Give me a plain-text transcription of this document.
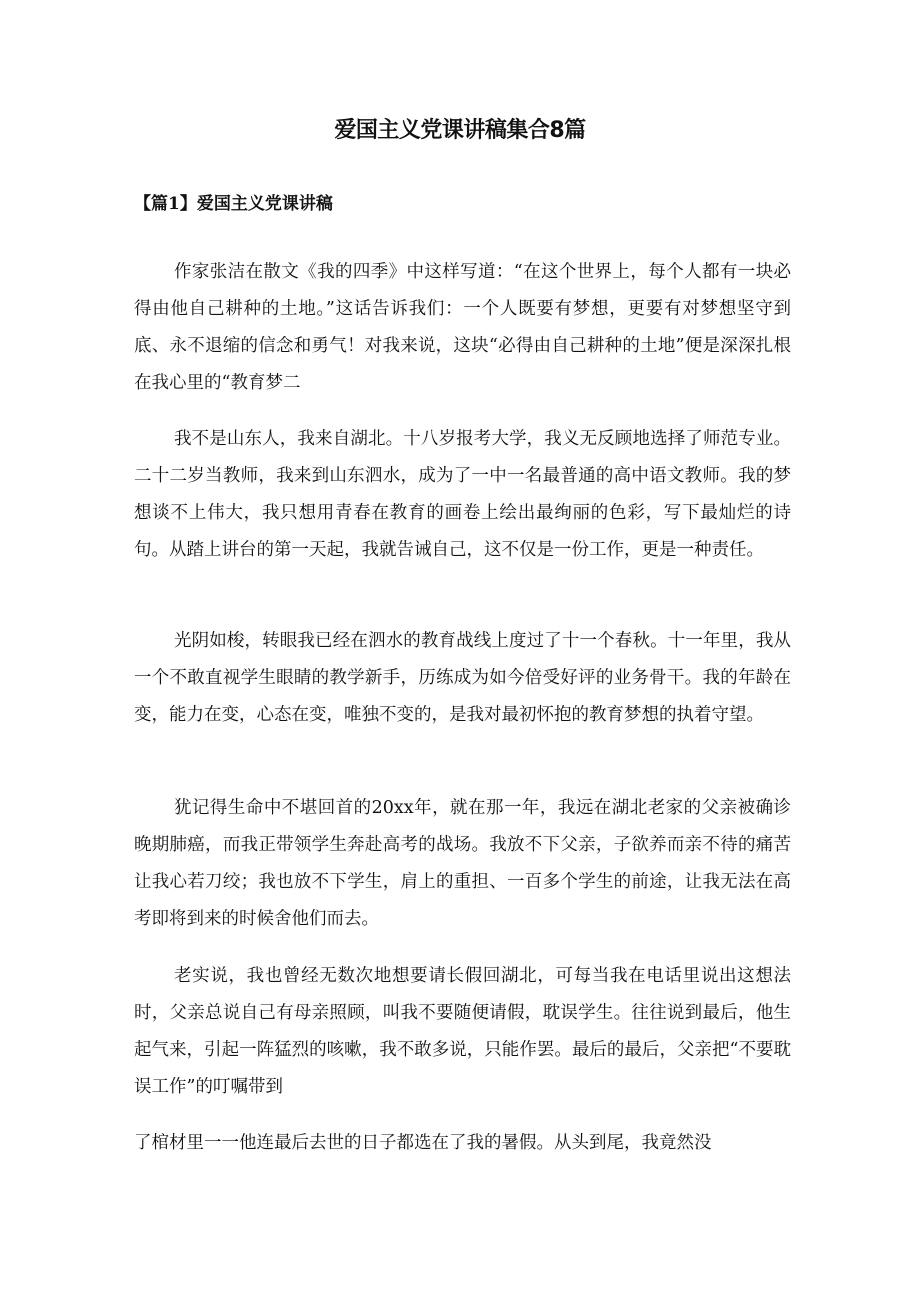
爱国主义党课讲稿集合8篇
【篇1】爱国主义党课讲稿

作家张洁在散文《我的四季》中这样写道：“在这个世界上，每个人都有一块必得由他自己耕种的土地。”这话告诉我们：一个人既要有梦想，更要有对梦想坚守到底、永不退缩的信念和勇气！对我来说，这块“必得由自己耕种的土地”便是深深扎根在我心里的“教育梦二

我不是山东人，我来自湖北。十八岁报考大学，我义无反顾地选择了师范专业。二十二岁当教师，我来到山东泗水，成为了一中一名最普通的高中语文教师。我的梦想谈不上伟大，我只想用青春在教育的画卷上绘出最绚丽的色彩，写下最灿烂的诗句。从踏上讲台的第一天起，我就告诫自己，这不仅是一份工作，更是一种责任。

光阴如梭，转眼我已经在泗水的教育战线上度过了十一个春秋。十一年里，我从一个不敢直视学生眼睛的教学新手，历练成为如今倍受好评的业务骨干。我的年龄在变，能力在变，心态在变，唯独不变的，是我对最初怀抱的教育梦想的执着守望。

犹记得生命中不堪回首的20xx年，就在那一年，我远在湖北老家的父亲被确诊晚期肺癌，而我正带领学生奔赴高考的战场。我放不下父亲，子欲养而亲不待的痛苦让我心若刀绞；我也放不下学生，肩上的重担、一百多个学生的前途，让我无法在高考即将到来的时候舍他们而去。

老实说，我也曾经无数次地想要请长假回湖北，可每当我在电话里说出这想法时，父亲总说自己有母亲照顾，叫我不要随便请假，耽误学生。往往说到最后，他生起气来，引起一阵猛烈的咳嗽，我不敢多说，只能作罢。最后的最后，父亲把“不要耽误工作”的叮嘱带到

了棺材里一一他连最后去世的日子都选在了我的暑假。从头到尾，我竟然没
